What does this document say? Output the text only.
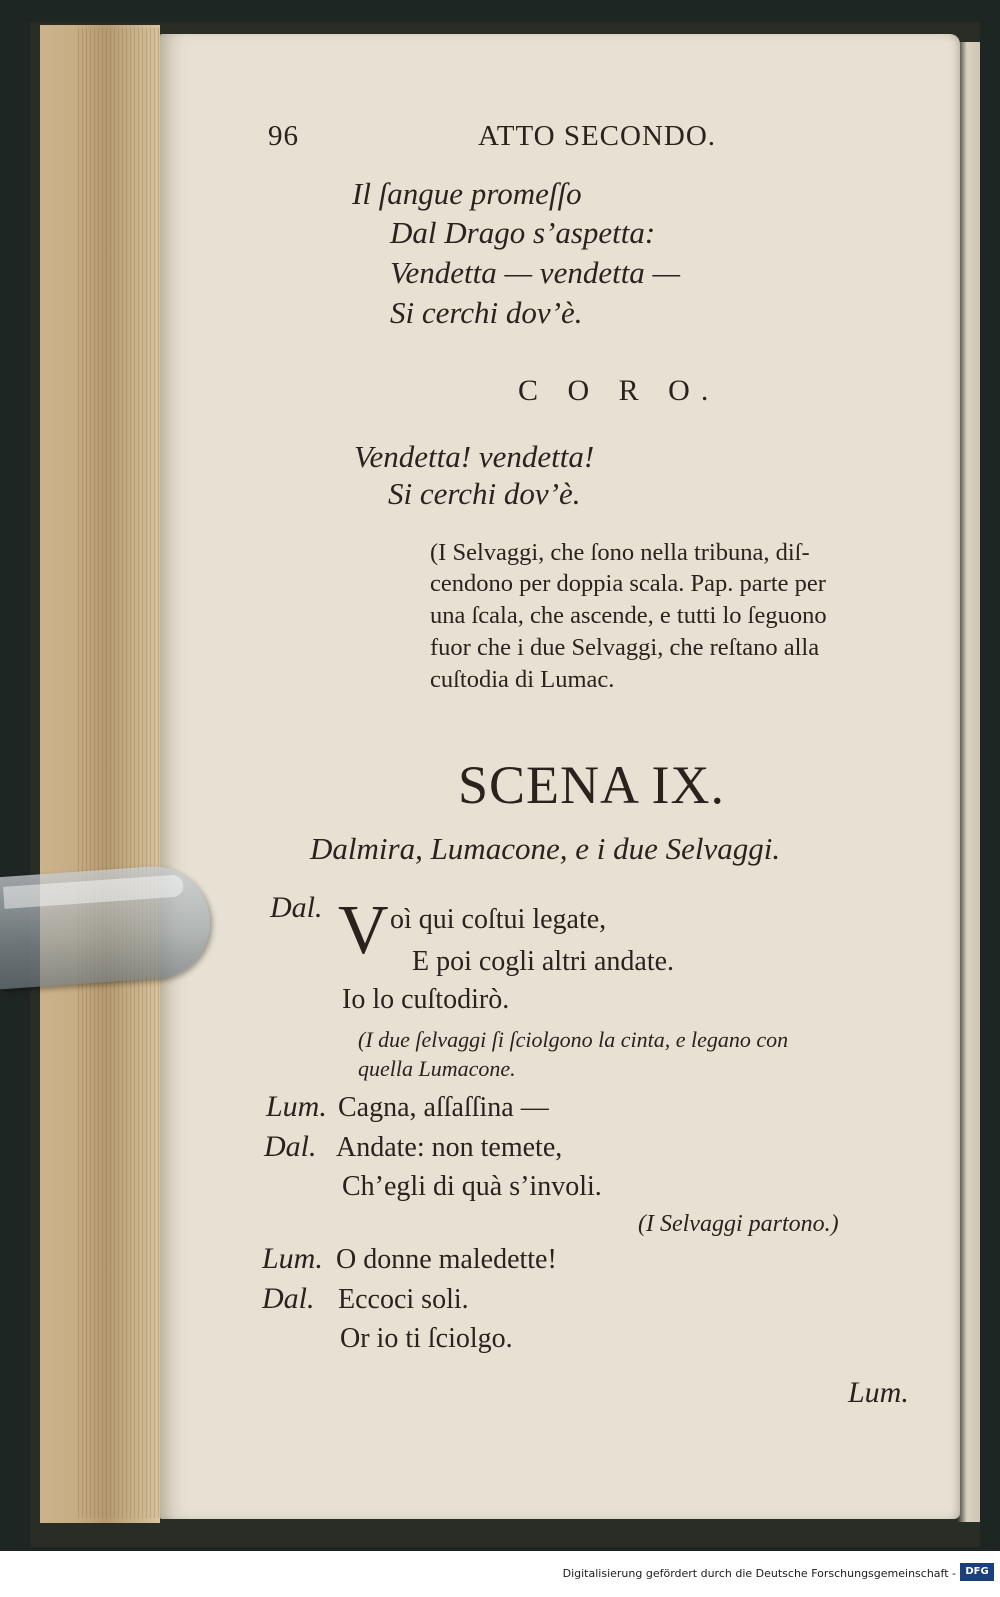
96	ATTO SECONDO.
Il ſangue promeſſo
Dal Drago s’aspetta:
Vendetta — vendetta —
Si cerchi dov’è.
C O R O.
Vendetta! vendetta!
Si cerchi dov’è.
(I Selvaggi, che ſono nella tribuna, diſ-
cendono per doppia scala. Pap. parte per
una ſcala, che ascende, e tutti lo ſeguono
fuor che i due Selvaggi, che reſtano alla
cuſtodia di Lumac.
SCENA IX.
Dalmira, Lumacone, e i due Selvaggi.
Dal. V oì qui coſtui legate,
E poi cogli altri andate.
Io lo cuſtodirò.
(I due ſelvaggi ſi ſciolgono la cinta, e legano con
quella Lumacone.
Lum. Cagna, aſſaſſina —
Dal. Andate: non temete,
Ch’egli di quà s’involi.
(I Selvaggi partono.)
Lum. O donne maledette!
Dal. Eccoci soli.
Or io ti ſciolgo.
Lum.
Digitalisierung gefördert durch die Deutsche Forschungsgemeinschaft - DFG
